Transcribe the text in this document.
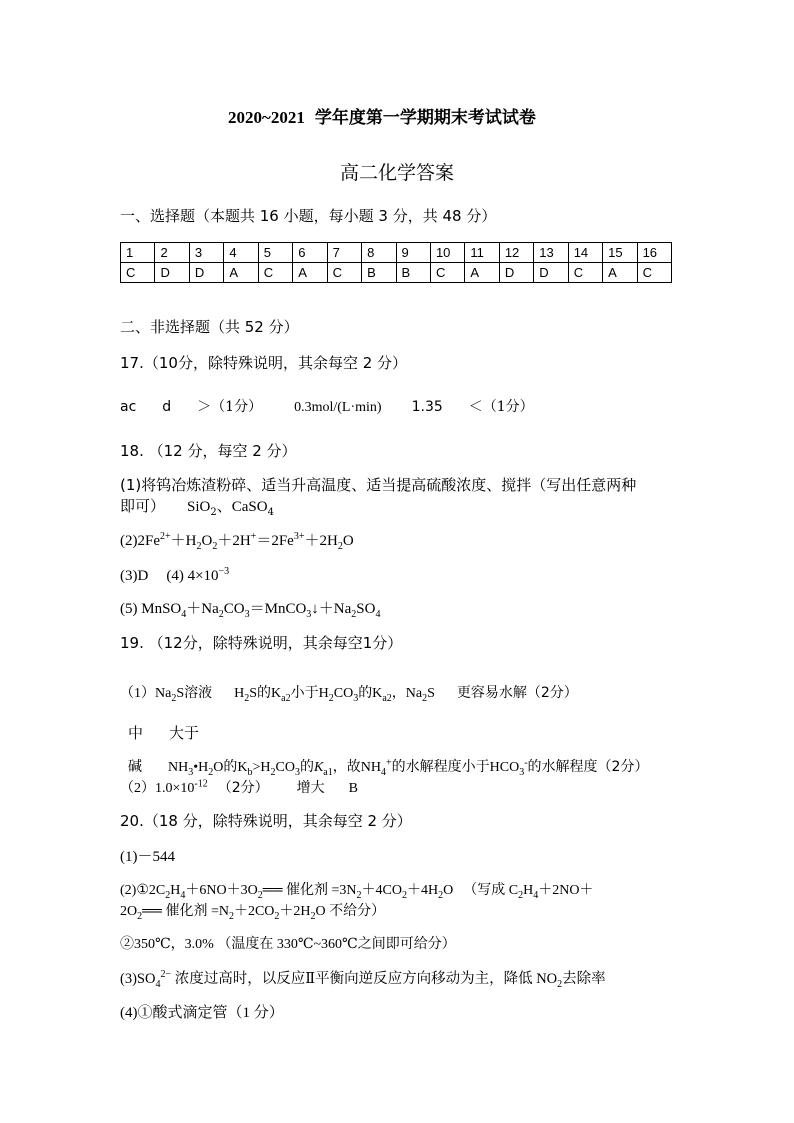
2020~2021 学年度第一学期期末考试试卷
高二化学答案
一、选择题（本题共 16 小题，每小题 3 分，共 48 分）
1	2	3	4	5	6	7	8	9	10	11	12	13	14	15	16
C	D	D	A	C	A	C	B	B	C	A	D	D	C	A	C
二、非选择题（共 52 分）
17.（10分，除特殊说明，其余每空 2 分）
ac d ＞（1分） 0.3mol/(L·min) 1.35 ＜（1分）
18. （12 分，每空 2 分）
(1)将钨冶炼渣粉碎、适当升高温度、适当提高硫酸浓度、搅拌（写出任意两种
即可） SiO$_2$、CaSO$_4$
$(2)2Fe^{2+}+H_2O_2+2H^+=2Fe^{3+}+2H_2O$
(3)D (4) $4\times 10^{-3}$
(5) $MnSO_4+Na_2CO_3=MnCO_3↓+Na_2SO_4$
19. （12分，除特殊说明，其余每空1分）
$(1)Na_2S$溶液 $H_2S$的$K_{a2}$小于$H_2CO_3$的$K_{a2}$，$Na_2S$ 更容易水解（2分）
中 大于
碱 $NH_3•H_2O$的$K_b>H_2CO_3$的$K_{a1}$，故$NH_4^+$的水解程度小于$HCO_3^-$的水解程度（2分）
$(2)1.0\times 10^{-12}$ （2分） 增大 B
20.（18 分，除特殊说明，其余每空 2 分）
(1)－544
$(2)①2C_2H_4+6NO+3O_2══$ 催化剂 $=3N_2+4CO_2+4H_2O$ （写成 $C_2H_4+2NO+$
$2O_2══$ 催化剂 $=N_2+2CO_2+2H_2O$ 不给分）
②350℃，3.0% （温度在 330℃~360℃之间即可给分）
$(3)SO_4^{2-}$ 浓度过高时，以反应Ⅱ平衡向逆反应方向移动为主，降低 $NO_2$去除率
(4)①酸式滴定管（1 分）
